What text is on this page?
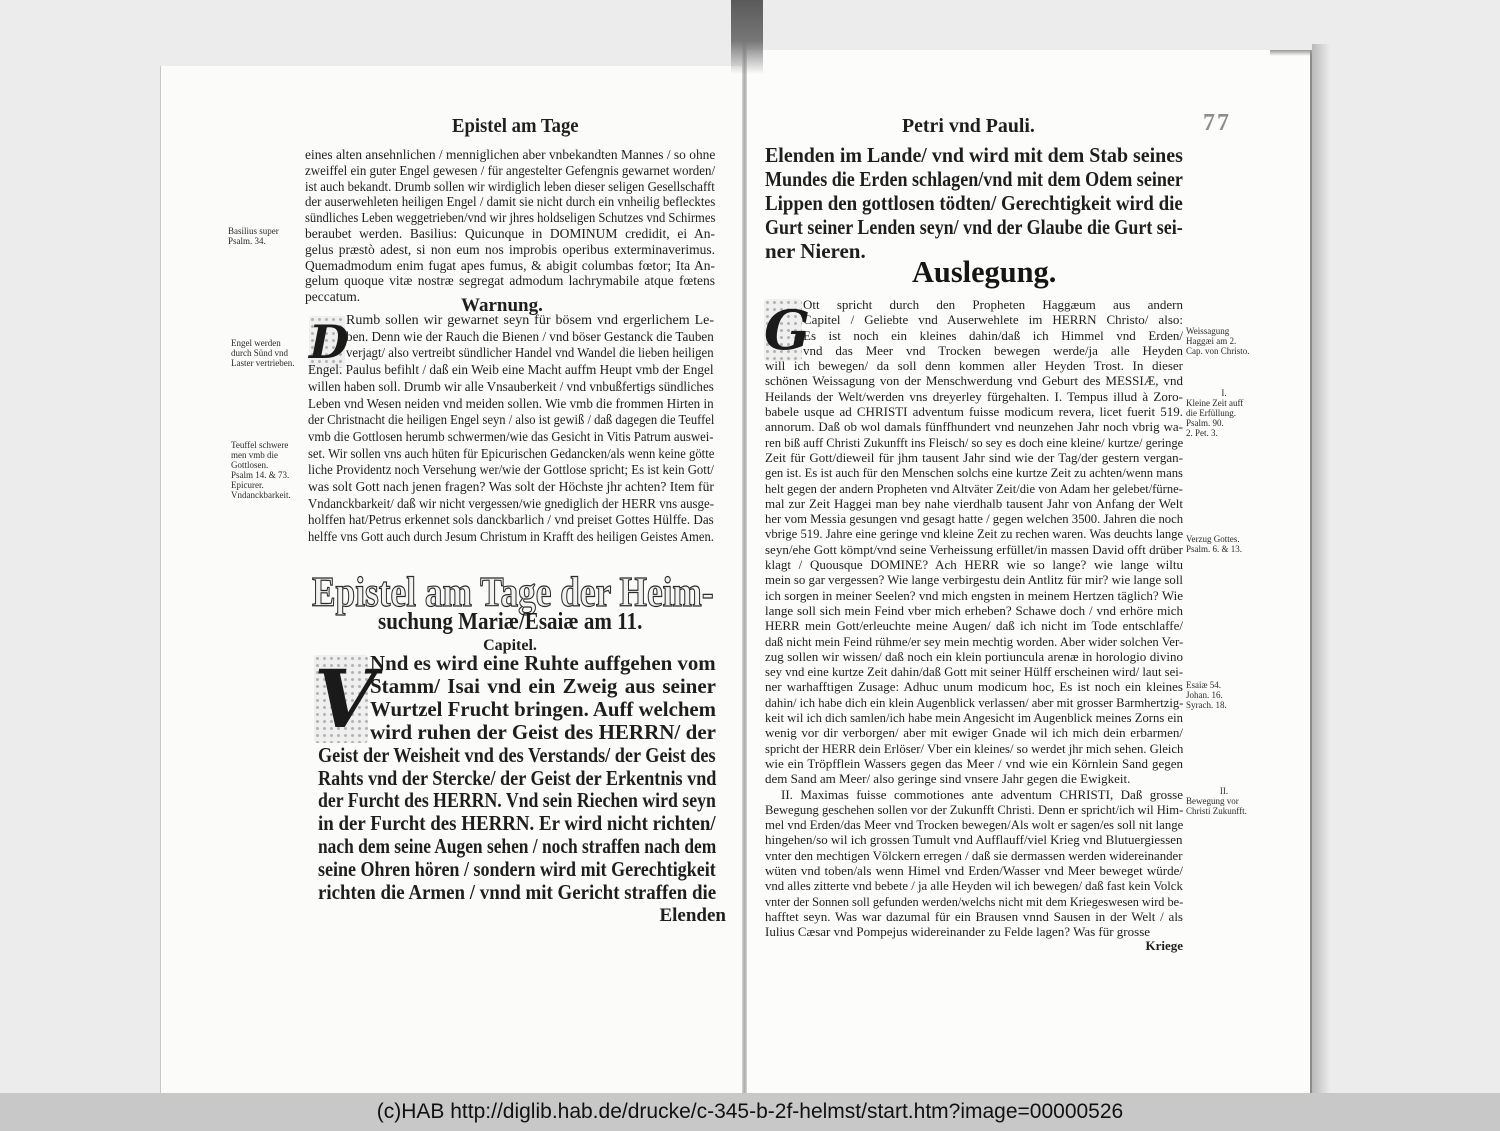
Epistel am Tage
eines alten ansehnlichen / menniglichen aber vnbekandten Mannes / so ohne
zweiffel ein guter Engel gewesen / für angestelter Gefengnis gewarnet worden/
ist auch bekandt. Drumb sollen wir wirdiglich leben dieser seligen Gesellschafft
der auserwehleten heiligen Engel / damit sie nicht durch ein vnheilig beflecktes
sündliches Leben weggetrieben/vnd wir jhres holdseligen Schutzes vnd Schirmes
beraubet werden. Basilius: Quicunque in DOMINUM credidit, ei An-
gelus præstò adest, si non eum nos improbis operibus exterminaverimus.
Quemadmodum enim fugat apes fumus, & abigit columbas fœtor; Ita An-
gelum quoque vitæ nostræ segregat admodum lachrymabile atque fœtens
peccatum.
Basilius super
Psalm. 34.
Warnung.
D
Rumb sollen wir gewarnet seyn für bösem vnd ergerlichem Le-
ben. Denn wie der Rauch die Bienen / vnd böser Gestanck die Tauben
verjagt/ also vertreibt sündlicher Handel vnd Wandel die lieben heiligen
Engel. Paulus befihlt / daß ein Weib eine Macht auffm Heupt vmb der Engel
willen haben soll. Drumb wir alle Vnsauberkeit / vnd vnbußfertigs sündliches
Leben vnd Wesen neiden vnd meiden sollen. Wie vmb die frommen Hirten in
der Christnacht die heiligen Engel seyn / also ist gewiß / daß dagegen die Teuffel
vmb die Gottlosen herumb schwermen/wie das Gesicht in Vitis Patrum auswei-
set. Wir sollen vns auch hüten für Epicurischen Gedancken/als wenn keine götte
liche Providentz noch Versehung wer/wie der Gottlose spricht; Es ist kein Gott/
was solt Gott nach jenen fragen? Was solt der Höchste jhr achten? Item für
Vndanckbarkeit/ daß wir nicht vergessen/wie gnediglich der HERR vns ausge-
holffen hat/Petrus erkennet sols danckbarlich / vnd preiset Gottes Hülffe. Das
helffe vns Gott auch durch Jesum Christum in Krafft des heiligen Geistes Amen.
Engel werden
durch Sünd vnd
Laster vertrieben.
Teuffel schwere
men vmb die
Gottlosen.
Psalm 14. & 73.
Epicurer.
Vndanckbarkeit.
Epistel am Tage der Heim-
suchung Mariæ/Esaiæ am 11.
Capitel.
V
Nnd es wird eine Ruhte auffgehen vom
Stamm/ Isai vnd ein Zweig aus seiner
Wurtzel Frucht bringen. Auff welchem
wird ruhen der Geist des HERRN/ der
Geist der Weisheit vnd des Verstands/ der Geist des
Rahts vnd der Stercke/ der Geist der Erkentnis vnd
der Furcht des HERRN. Vnd sein Riechen wird seyn
in der Furcht des HERRN. Er wird nicht richten/
nach dem seine Augen sehen / noch straffen nach dem
seine Ohren hören / sondern wird mit Gerechtigkeit
richten die Armen / vnnd mit Gericht straffen die
Elenden
Petri vnd Pauli.	77
Elenden im Lande/ vnd wird mit dem Stab seines
Mundes die Erden schlagen/vnd mit dem Odem seiner
Lippen den gottlosen tödten/ Gerechtigkeit wird die
Gurt seiner Lenden seyn/ vnd der Glaube die Gurt sei-
ner Nieren.
Auslegung.
G
Ott spricht durch den Propheten Haggæum aus andern
Capitel / Geliebte vnd Auserwehlete im HERRN Christo/ also:
Es ist noch ein kleines dahin/daß ich Himmel vnd Erden/
vnd das Meer vnd Trocken bewegen werde/ja alle Heyden
will ich bewegen/ da soll denn kommen aller Heyden Trost. In dieser
schönen Weissagung von der Menschwerdung vnd Geburt des MESSIÆ, vnd
Heilands der Welt/werden vns dreyerley fürgehalten. I. Tempus illud à Zoro-
babele usque ad CHRISTI adventum fuisse modicum revera, licet fuerit 519.
annorum. Daß ob wol damals fünffhundert vnd neunzehen Jahr noch vbrig wa-
ren biß auff Christi Zukunfft ins Fleisch/ so sey es doch eine kleine/ kurtze/ geringe
Zeit für Gott/dieweil für jhm tausent Jahr sind wie der Tag/der gestern vergan-
gen ist. Es ist auch für den Menschen solchs eine kurtze Zeit zu achten/wenn mans
helt gegen der andern Propheten vnd Altväter Zeit/die von Adam her gelebet/fürne-
mal zur Zeit Haggei man bey nahe vierdhalb tausent Jahr von Anfang der Welt
her vom Messia gesungen vnd gesagt hatte / gegen welchen 3500. Jahren die noch
vbrige 519. Jahre eine geringe vnd kleine Zeit zu rechen waren. Was deuchts lange
seyn/ehe Gott kömpt/vnd seine Verheissung erfüllet/in massen David offt drüber
klagt / Quousque DOMINE? Ach HERR wie so lange? wie lange wiltu
mein so gar vergessen? Wie lange verbirgestu dein Antlitz für mir? wie lange soll
ich sorgen in meiner Seelen? vnd mich engsten in meinem Hertzen täglich? Wie
lange soll sich mein Feind vber mich erheben? Schawe doch / vnd erhöre mich
HERR mein Gott/erleuchte meine Augen/ daß ich nicht im Tode entschlaffe/
daß nicht mein Feind rühme/er sey mein mechtig worden. Aber wider solchen Ver-
zug sollen wir wissen/ daß noch ein klein portiuncula arenæ in horologio divino
sey vnd eine kurtze Zeit dahin/daß Gott mit seiner Hülff erscheinen wird/ laut sei-
ner warhafftigen Zusage: Adhuc unum modicum hoc, Es ist noch ein kleines
dahin/ ich habe dich ein klein Augenblick verlassen/ aber mit grosser Barmhertzig-
keit wil ich dich samlen/ich habe mein Angesicht im Augenblick meines Zorns ein
wenig vor dir verborgen/ aber mit ewiger Gnade wil ich mich dein erbarmen/
spricht der HERR dein Erlöser/ Vber ein kleines/ so werdet jhr mich sehen. Gleich
wie ein Tröpfflein Wassers gegen das Meer / vnd wie ein Körnlein Sand gegen
dem Sand am Meer/ also geringe sind vnsere Jahr gegen die Ewigkeit.
II. Maximas fuisse commotiones ante adventum CHRISTI, Daß grosse
Bewegung geschehen sollen vor der Zukunfft Christi. Denn er spricht/ich wil Him-
mel vnd Erden/das Meer vnd Trocken bewegen/Als wolt er sagen/es soll nit lange
hingehen/so wil ich grossen Tumult vnd Aufflauff/viel Krieg vnd Blutuergiessen
vnter den mechtigen Völckern erregen / daß sie dermassen werden widereinander
wüten vnd toben/als wenn Himel vnd Erden/Wasser vnd Meer beweget würde/
vnd alles zitterte vnd bebete / ja alle Heyden wil ich bewegen/ daß fast kein Volck
vnter der Sonnen soll gefunden werden/welchs nicht mit dem Kriegeswesen wird be-
hafftet seyn. Was war dazumal für ein Brausen vnnd Sausen in der Welt / als
Iulius Cæsar vnd Pompejus widereinander zu Felde lagen? Was für grosse
Kriege
Weissagung
Haggæi am 2.
Cap. von Christo.
I.
Kleine Zeit auff
die Erfüllung.
Psalm. 90.
2. Pet. 3.
Verzug Gottes.
Psalm. 6. & 13.
Esaiæ 54.
Johan. 16.
Syrach. 18.
II.
Bewegung vor
Christi Zukunfft.
(c)HAB http://diglib.hab.de/drucke/c-345-b-2f-helmst/start.htm?image=00000526
